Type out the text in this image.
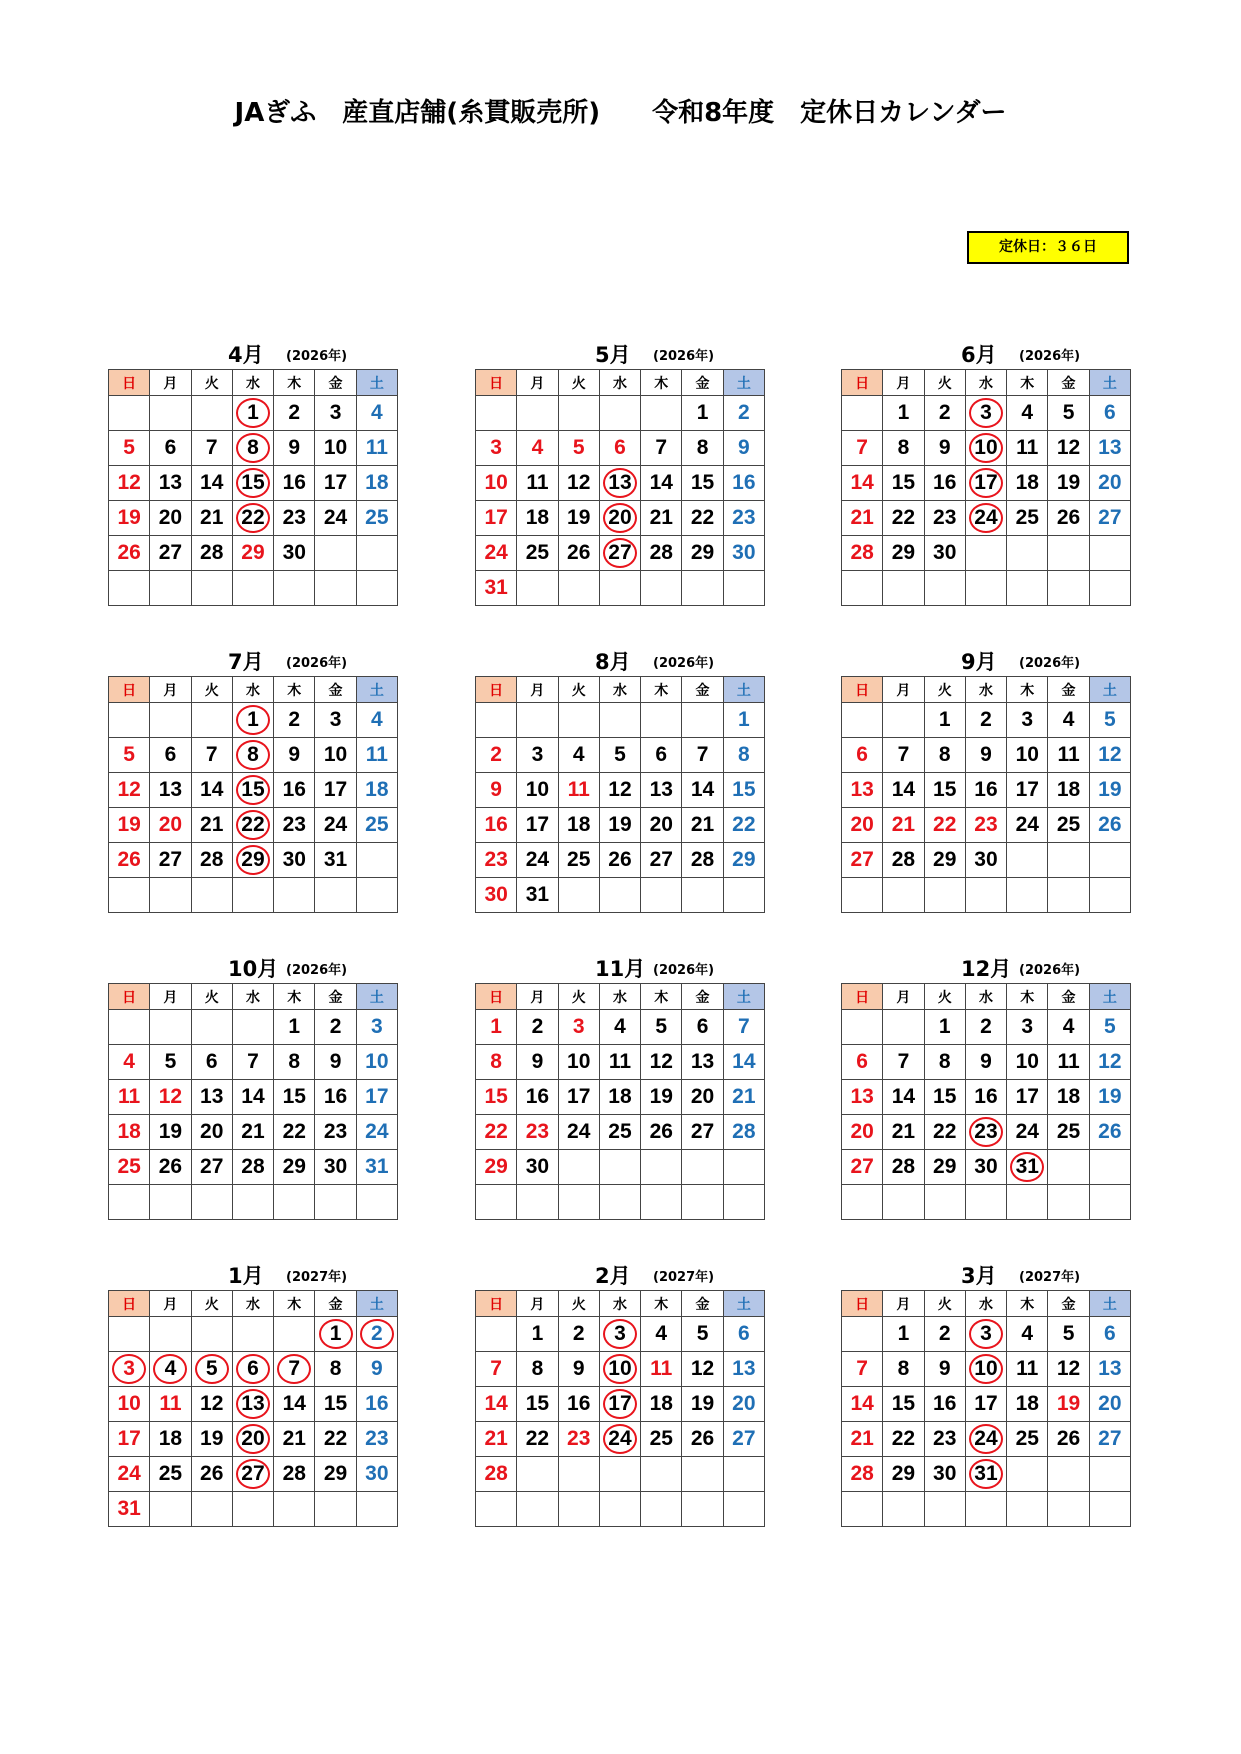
JAぎふ　産直店舗(糸貫販売所)　　令和8年度　定休日カレンダー
定休日：３６日
4月 (2026年)
日	月	火	水	木	金	土
			1	2	3	4
5	6	7	8	9	10	11
12	13	14	15	16	17	18
19	20	21	22	23	24	25
26	27	28	29	30		

5月 (2026年)
日	月	火	水	木	金	土
					1	2
3	4	5	6	7	8	9
10	11	12	13	14	15	16
17	18	19	20	21	22	23
24	25	26	27	28	29	30
31						
6月 (2026年)
日	月	火	水	木	金	土
	1	2	3	4	5	6
7	8	9	10	11	12	13
14	15	16	17	18	19	20
21	22	23	24	25	26	27
28	29	30				

7月 (2026年)
日	月	火	水	木	金	土
			1	2	3	4
5	6	7	8	9	10	11
12	13	14	15	16	17	18
19	20	21	22	23	24	25
26	27	28	29	30	31	

8月 (2026年)
日	月	火	水	木	金	土
						1
2	3	4	5	6	7	8
9	10	11	12	13	14	15
16	17	18	19	20	21	22
23	24	25	26	27	28	29
30	31					
9月 (2026年)
日	月	火	水	木	金	土
		1	2	3	4	5
6	7	8	9	10	11	12
13	14	15	16	17	18	19
20	21	22	23	24	25	26
27	28	29	30			

10月 (2026年)
日	月	火	水	木	金	土
				1	2	3
4	5	6	7	8	9	10
11	12	13	14	15	16	17
18	19	20	21	22	23	24
25	26	27	28	29	30	31

11月 (2026年)
日	月	火	水	木	金	土
1	2	3	4	5	6	7
8	9	10	11	12	13	14
15	16	17	18	19	20	21
22	23	24	25	26	27	28
29	30					

12月 (2026年)
日	月	火	水	木	金	土
		1	2	3	4	5
6	7	8	9	10	11	12
13	14	15	16	17	18	19
20	21	22	23	24	25	26
27	28	29	30	31		

1月 (2027年)
日	月	火	水	木	金	土
					1	2
3	4	5	6	7	8	9
10	11	12	13	14	15	16
17	18	19	20	21	22	23
24	25	26	27	28	29	30
31						
2月 (2027年)
日	月	火	水	木	金	土
	1	2	3	4	5	6
7	8	9	10	11	12	13
14	15	16	17	18	19	20
21	22	23	24	25	26	27
28						

3月 (2027年)
日	月	火	水	木	金	土
	1	2	3	4	5	6
7	8	9	10	11	12	13
14	15	16	17	18	19	20
21	22	23	24	25	26	27
28	29	30	31			
